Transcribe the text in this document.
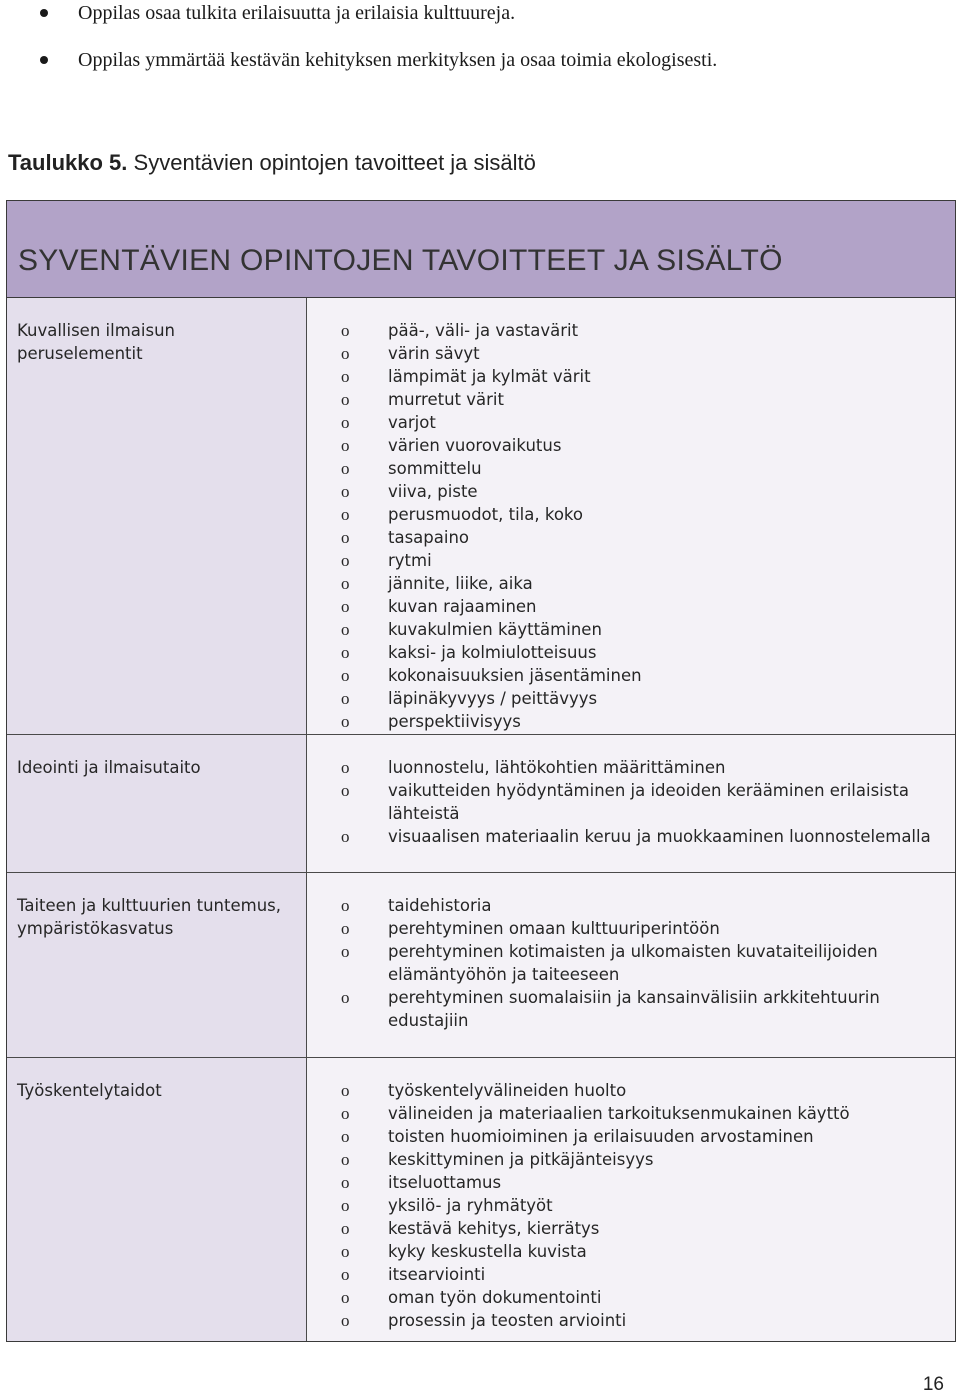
Oppilas osaa tulkita erilaisuutta ja erilaisia kulttuureja.
Oppilas ymmärtää kestävän kehityksen merkityksen ja osaa toimia ekologisesti.
Taulukko 5. Syventävien opintojen tavoitteet ja sisältö
SYVENTÄVIEN OPINTOJEN TAVOITTEET JA SISÄLTÖ
Kuvallisen ilmaisun peruselementit
o pää-, väli- ja vastavärit
o värin sävyt
o lämpimät ja kylmät värit
o murretut värit
o varjot
o värien vuorovaikutus
o sommittelu
o viiva, piste
o perusmuodot, tila, koko
o tasapaino
o rytmi
o jännite, liike, aika
o kuvan rajaaminen
o kuvakulmien käyttäminen
o kaksi- ja kolmiulotteisuus
o kokonaisuuksien jäsentäminen
o läpinäkyvyys / peittävyys
o perspektiivisyys
Ideointi ja ilmaisutaito	o luonnostelu, lähtökohtien määrittäminen
o vaikutteiden hyödyntäminen ja ideoiden kerääminen erilaisista lähteistä
o visuaalisen materiaalin keruu ja muokkaaminen luonnostelemalla
Taiteen ja kulttuurien tuntemus, ympäristökasvatus
o taidehistoria
o perehtyminen omaan kulttuuriperintöön
o perehtyminen kotimaisten ja ulkomaisten kuvataiteilijoiden elämäntyöhön ja taiteeseen
o perehtyminen suomalaisiin ja kansainvälisiin arkkitehtuurin edustajiin
Työskentelytaidot	o työskentelyvälineiden huolto
o välineiden ja materiaalien tarkoituksenmukainen käyttö
o toisten huomioiminen ja erilaisuuden arvostaminen
o keskittyminen ja pitkäjänteisyys
o itseluottamus
o yksilö- ja ryhmätyöt
o kestävä kehitys, kierrätys
o kyky keskustella kuvista
o itsearviointi
o oman työn dokumentointi
o prosessin ja teosten arviointi
16
